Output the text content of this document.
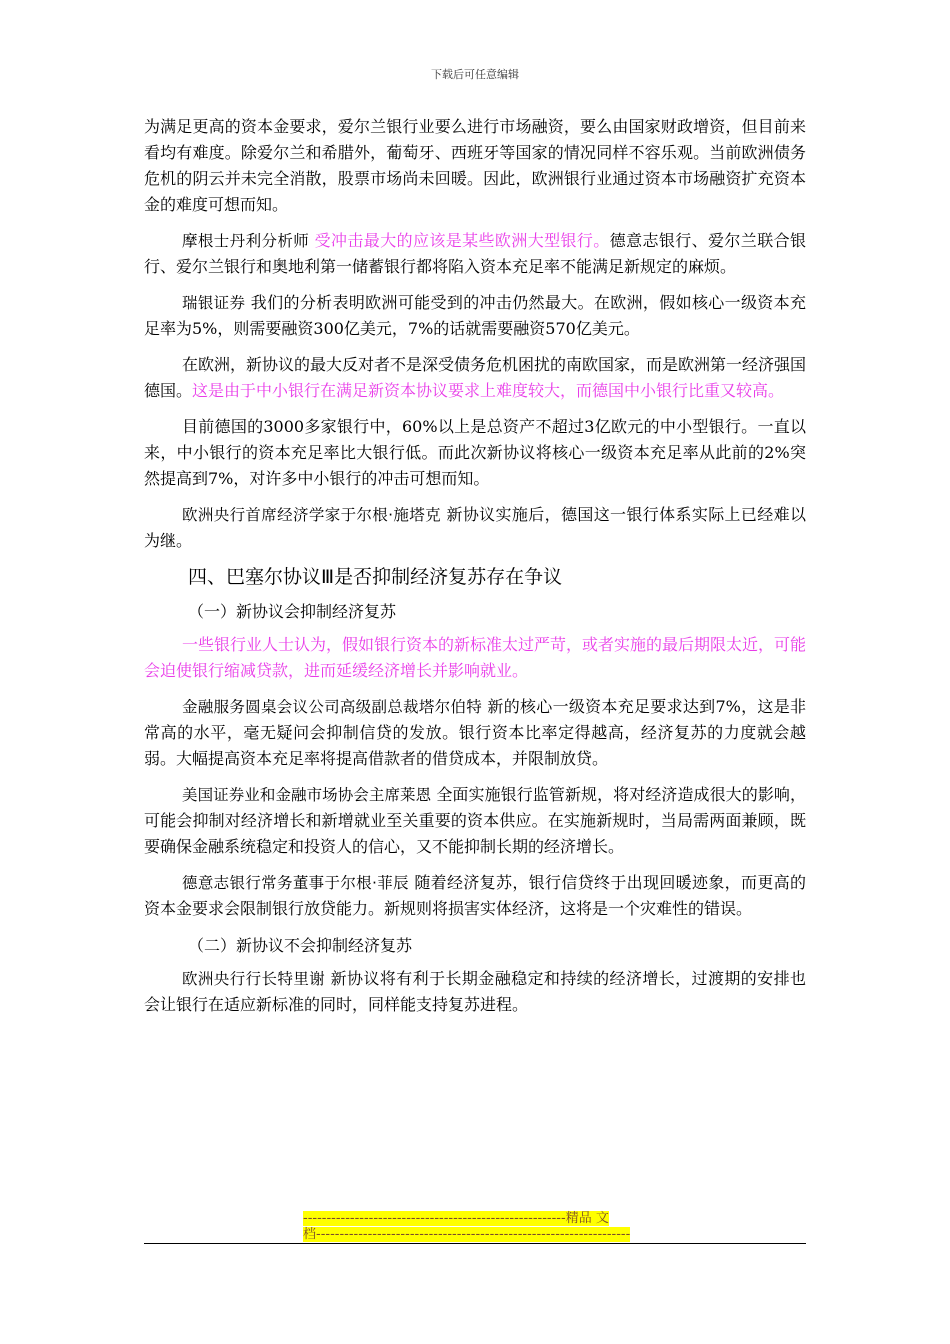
下载后可任意编辑

为满足更高的资本金要求，爱尔兰银行业要么进行市场融资，要么由国家财政增资，但目前来看均有难度。除爱尔兰和希腊外，葡萄牙、西班牙等国家的情况同样不容乐观。当前欧洲债务危机的阴云并未完全消散，股票市场尚未回暖。因此，欧洲银行业通过资本市场融资扩充资本金的难度可想而知。

摩根士丹利分析师 受冲击最大的应该是某些欧洲大型银行。德意志银行、爱尔兰联合银行、爱尔兰银行和奥地利第一储蓄银行都将陷入资本充足率不能满足新规定的麻烦。

瑞银证券 我们的分析表明欧洲可能受到的冲击仍然最大。在欧洲，假如核心一级资本充足率为5%，则需要融资300亿美元，7%的话就需要融资570亿美元。

在欧洲，新协议的最大反对者不是深受债务危机困扰的南欧国家，而是欧洲第一经济强国德国。这是由于中小银行在满足新资本协议要求上难度较大，而德国中小银行比重又较高。

目前德国的3000多家银行中，60%以上是总资产不超过3亿欧元的中小型银行。一直以来，中小银行的资本充足率比大银行低。而此次新协议将核心一级资本充足率从此前的2%突然提高到7%，对许多中小银行的冲击可想而知。

欧洲央行首席经济学家于尔根·施塔克 新协议实施后，德国这一银行体系实际上已经难以为继。

四、巴塞尔协议Ⅲ是否抑制经济复苏存在争议
（一）新协议会抑制经济复苏

一些银行业人士认为，假如银行资本的新标准太过严苛，或者实施的最后期限太近，可能会迫使银行缩减贷款，进而延缓经济增长并影响就业。

金融服务圆桌会议公司高级副总裁塔尔伯特 新的核心一级资本充足要求达到7%，这是非常高的水平，毫无疑问会抑制信贷的发放。银行资本比率定得越高，经济复苏的力度就会越弱。大幅提高资本充足率将提高借款者的借贷成本，并限制放贷。

美国证券业和金融市场协会主席莱恩 全面实施银行监管新规，将对经济造成很大的影响，可能会抑制对经济增长和新增就业至关重要的资本供应。在实施新规时，当局需两面兼顾，既要确保金融系统稳定和投资人的信心，又不能抑制长期的经济增长。

德意志银行常务董事于尔根·菲辰 随着经济复苏，银行信贷终于出现回暖迹象，而更高的资本金要求会限制银行放贷能力。新规则将损害实体经济，这将是一个灾难性的错误。

（二）新协议不会抑制经济复苏

欧洲央行行长特里谢 新协议将有利于长期金融稳定和持续的经济增长，过渡期的安排也会让银行在适应新标准的同时，同样能支持复苏进程。

--------------------------------------------------------精品 文
档-------------------------------------------------------------------
